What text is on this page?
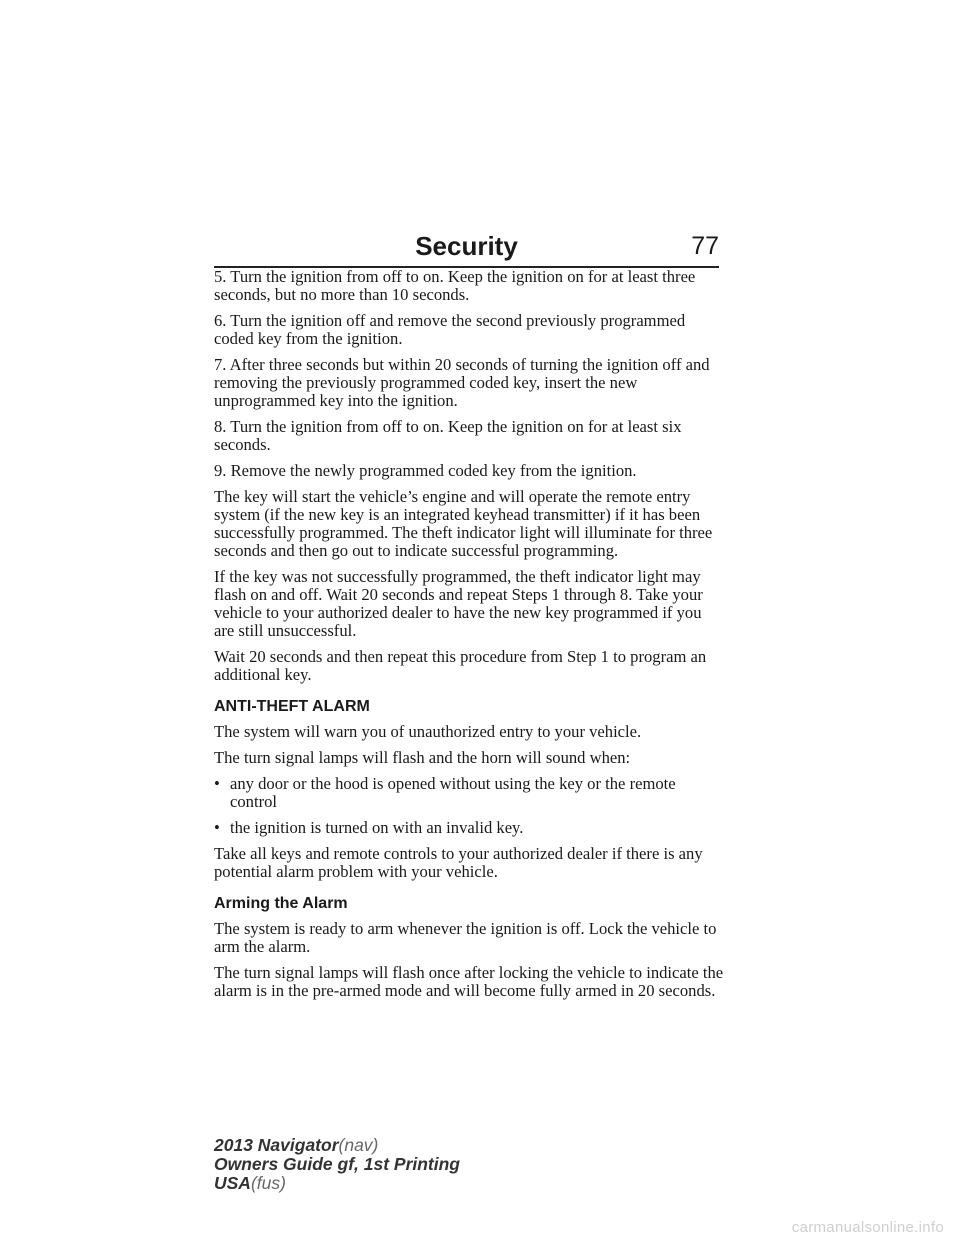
Security	77

5. Turn the ignition from off to on. Keep the ignition on for at least three seconds, but no more than 10 seconds.

6. Turn the ignition off and remove the second previously programmed coded key from the ignition.

7. After three seconds but within 20 seconds of turning the ignition off and removing the previously programmed coded key, insert the new unprogrammed key into the ignition.

8. Turn the ignition from off to on. Keep the ignition on for at least six seconds.

9. Remove the newly programmed coded key from the ignition.

The key will start the vehicle’s engine and will operate the remote entry system (if the new key is an integrated keyhead transmitter) if it has been successfully programmed. The theft indicator light will illuminate for three seconds and then go out to indicate successful programming.

If the key was not successfully programmed, the theft indicator light may flash on and off. Wait 20 seconds and repeat Steps 1 through 8. Take your vehicle to your authorized dealer to have the new key programmed if you are still unsuccessful.

Wait 20 seconds and then repeat this procedure from Step 1 to program an additional key.

ANTI-THEFT ALARM

The system will warn you of unauthorized entry to your vehicle.

The turn signal lamps will flash and the horn will sound when:

• any door or the hood is opened without using the key or the remote control
• the ignition is turned on with an invalid key.

Take all keys and remote controls to your authorized dealer if there is any potential alarm problem with your vehicle.

Arming the Alarm

The system is ready to arm whenever the ignition is off. Lock the vehicle to arm the alarm.

The turn signal lamps will flash once after locking the vehicle to indicate the alarm is in the pre-armed mode and will become fully armed in 20 seconds.

2013 Navigator(nav)
Owners Guide gf, 1st Printing
USA(fus)
carmanualsonline.info
